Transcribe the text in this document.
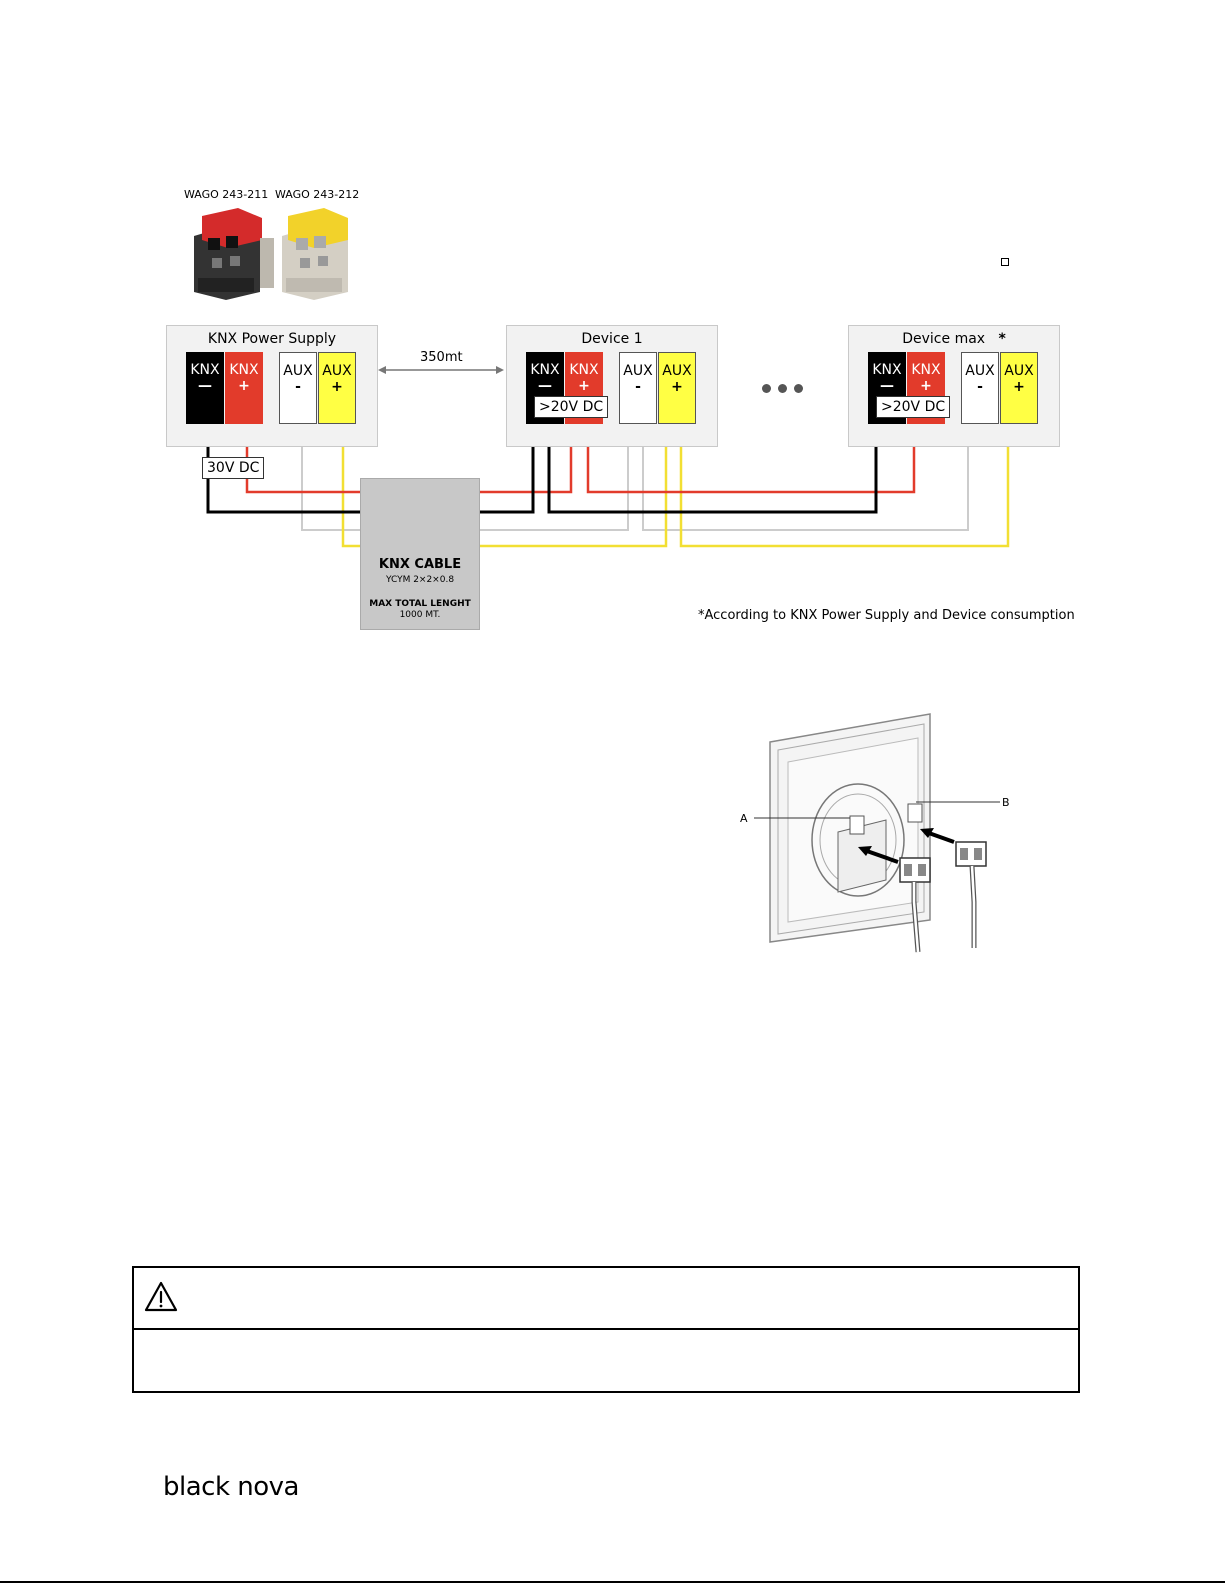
WAGO 243-211 WAGO 243-212
KNX Power Supply
KNX
—
KNX
+
AUX
-
AUX
+
30V DC
350mt
Device 1
KNX
—
KNX
+
AUX
-
AUX
+
>20V DC
Device max *
KNX
—
KNX
+
AUX
-
AUX
+
>20V DC
KNX CABLE
YCYM 2×2×0.8
MAX TOTAL LENGHT
1000 MT.	*According to KNX Power Supply and Device consumption
A
B
black nova
